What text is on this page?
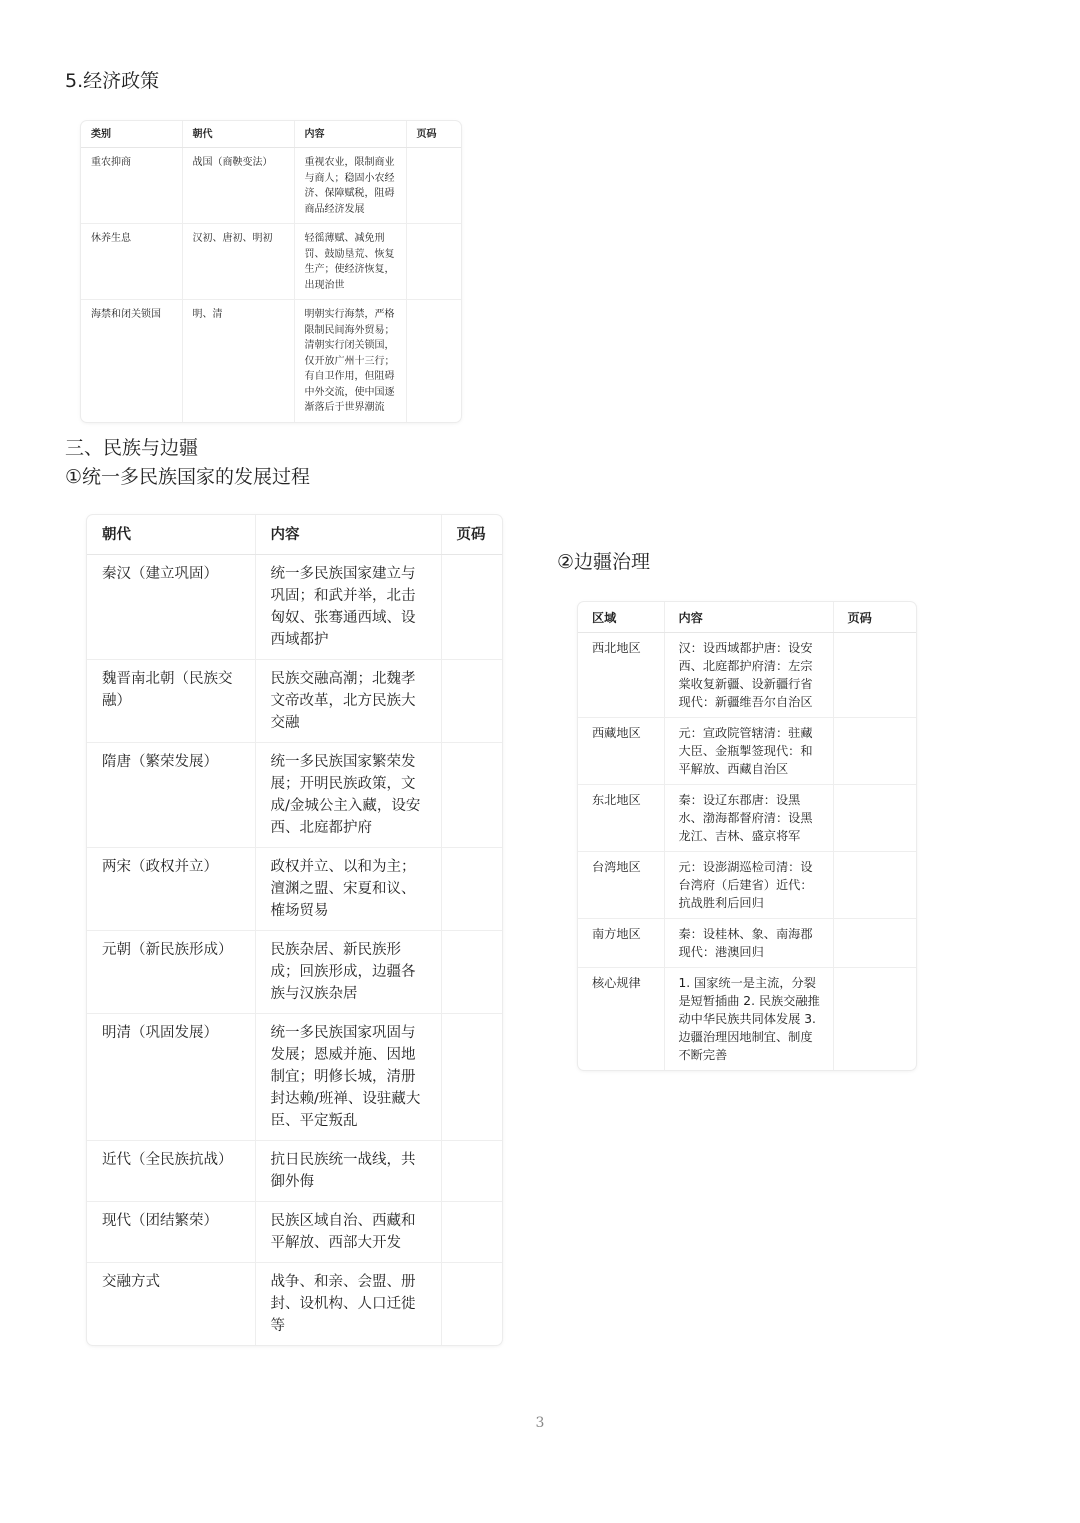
5.经济政策
类别	朝代	内容	页码
重农抑商	战国（商鞅变法）	重视农业，限制商业与商人；稳固小农经济、保障赋税，阻碍商品经济发展	
休养生息	汉初、唐初、明初	轻徭薄赋、减免刑罚、鼓励垦荒、恢复生产；使经济恢复，出现治世	
海禁和闭关锁国	明、清	明朝实行海禁，严格限制民间海外贸易；清朝实行闭关锁国，仅开放广州十三行；有自卫作用，但阻碍中外交流，使中国逐渐落后于世界潮流	
三、民族与边疆
①统一多民族国家的发展过程
朝代	内容	页码
秦汉（建立巩固）	统一多民族国家建立与巩固；和武并举，北击匈奴、张骞通西域、设西域都护	
魏晋南北朝（民族交融）	民族交融高潮；北魏孝文帝改革，北方民族大交融	
隋唐（繁荣发展）	统一多民族国家繁荣发展；开明民族政策，文成/金城公主入藏，设安西、北庭都护府	
两宋（政权并立）	政权并立、以和为主；澶渊之盟、宋夏和议、榷场贸易	
元朝（新民族形成）	民族杂居、新民族形成；回族形成，边疆各族与汉族杂居	
明清（巩固发展）	统一多民族国家巩固与发展；恩威并施、因地制宜；明修长城，清册封达赖/班禅、设驻藏大臣、平定叛乱	
近代（全民族抗战）	抗日民族统一战线，共御外侮	
现代（团结繁荣）	民族区域自治、西藏和平解放、西部大开发	
交融方式	战争、和亲、会盟、册封、设机构、人口迁徙等	
②边疆治理
区域	内容	页码
西北地区	汉：设西域都护唐：设安西、北庭都护府清：左宗棠收复新疆、设新疆行省现代：新疆维吾尔自治区	
西藏地区	元：宣政院管辖清：驻藏大臣、金瓶掣签现代：和平解放、西藏自治区	
东北地区	秦：设辽东郡唐：设黑水、渤海都督府清：设黑龙江、吉林、盛京将军	
台湾地区	元：设澎湖巡检司清：设台湾府（后建省）近代：抗战胜利后回归	
南方地区	秦：设桂林、象、南海郡现代：港澳回归	
核心规律	1. 国家统一是主流，分裂是短暂插曲 2. 民族交融推动中华民族共同体发展 3. 边疆治理因地制宜、制度不断完善	
3
